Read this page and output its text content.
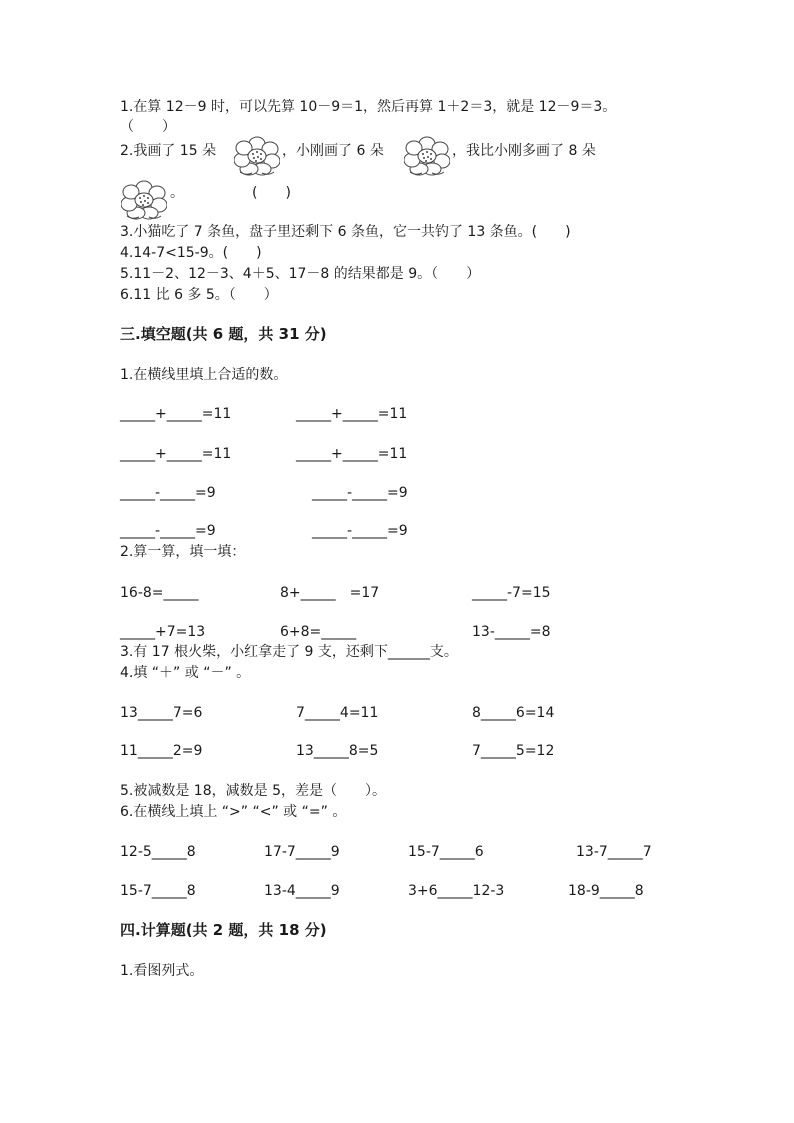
1.在算 12－9 时，可以先算 10－9＝1，然后再算 1＋2＝3，就是 12－9＝3。
（　　）
2.我画了 15 朵	，小刚画了 6 朵	，我比小刚多画了 8 朵
。	(　　)
3.小猫吃了 7 条鱼，盘子里还剩下 6 条鱼，它一共钓了 13 条鱼。(　　)
4.14-7<15-9。(　　)
5.11－2、12－3、4＋5、17－8 的结果都是 9。（　　）
6.11 比 6 多 5。（　　）
三.填空题(共 6 题，共 31 分)
1.在横线里填上合适的数。
_____+_____=11	_____+_____=11
_____+_____=11	_____+_____=11
_____-_____=9	_____-_____=9
_____-_____=9	_____-_____=9
2.算一算，填一填：
16-8=_____	8+_____　=17	_____-7=15
_____+7=13	6+8=_____	13-_____=8
3.有 17 根火柴，小红拿走了 9 支，还剩下______支。
4.填 “＋” 或 “－” 。
13_____7=6	7_____4=11	8_____6=14
11_____2=9	13_____8=5	7_____5=12
5.被减数是 18，减数是 5，差是（　　）。
6.在横线上填上 “>” “<” 或 “=” 。
12-5_____8	17-7_____9	15-7_____6	13-7_____7
15-7_____8	13-4_____9	3+6_____12-3	18-9_____8
四.计算题(共 2 题，共 18 分)
1.看图列式。
